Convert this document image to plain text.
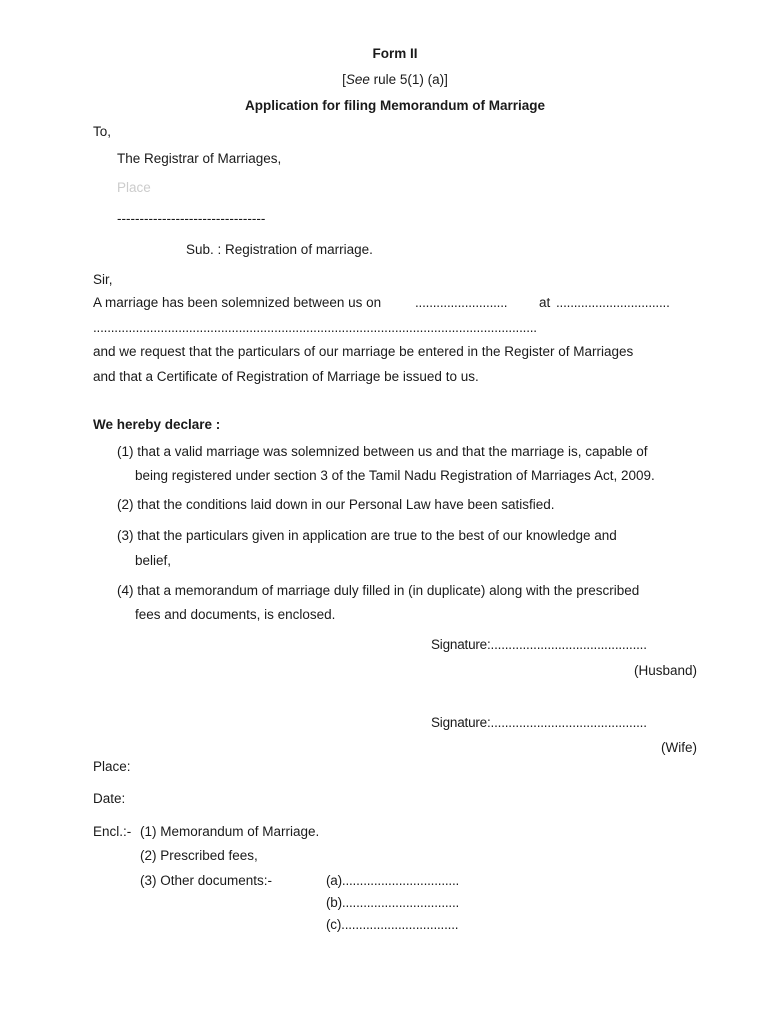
Form II
[See rule 5(1) (a)]
Application for filing Memorandum of Marriage
To,
The Registrar of Marriages,
Place
---------------------------------
Sub. : Registration of marriage.
Sir,
A marriage has been solemnized between us on	.......................... at ................................
.............................................................................................................................
and we request that the particulars of our marriage be entered in the Register of Marriages
and that a Certificate of Registration of Marriage be issued to us.
We hereby declare :
(1) that a valid marriage was solemnized between us and that the marriage is, capable of
being registered under section 3 of the Tamil Nadu Registration of Marriages Act, 2009.
(2) that the conditions laid down in our Personal Law have been satisfied.
(3) that the particulars given in application are true to the best of our knowledge and
belief,
(4) that a memorandum of marriage duly filled in (in duplicate) along with the prescribed
fees and documents, is enclosed.
Signature:............................................
(Husband)
Signature:............................................
(Wife)
Place:
Date:
Encl.:- (1) Memorandum of Marriage.
(2) Prescribed fees,
(3) Other documents:-	(a).................................
(b).................................
(c).................................
